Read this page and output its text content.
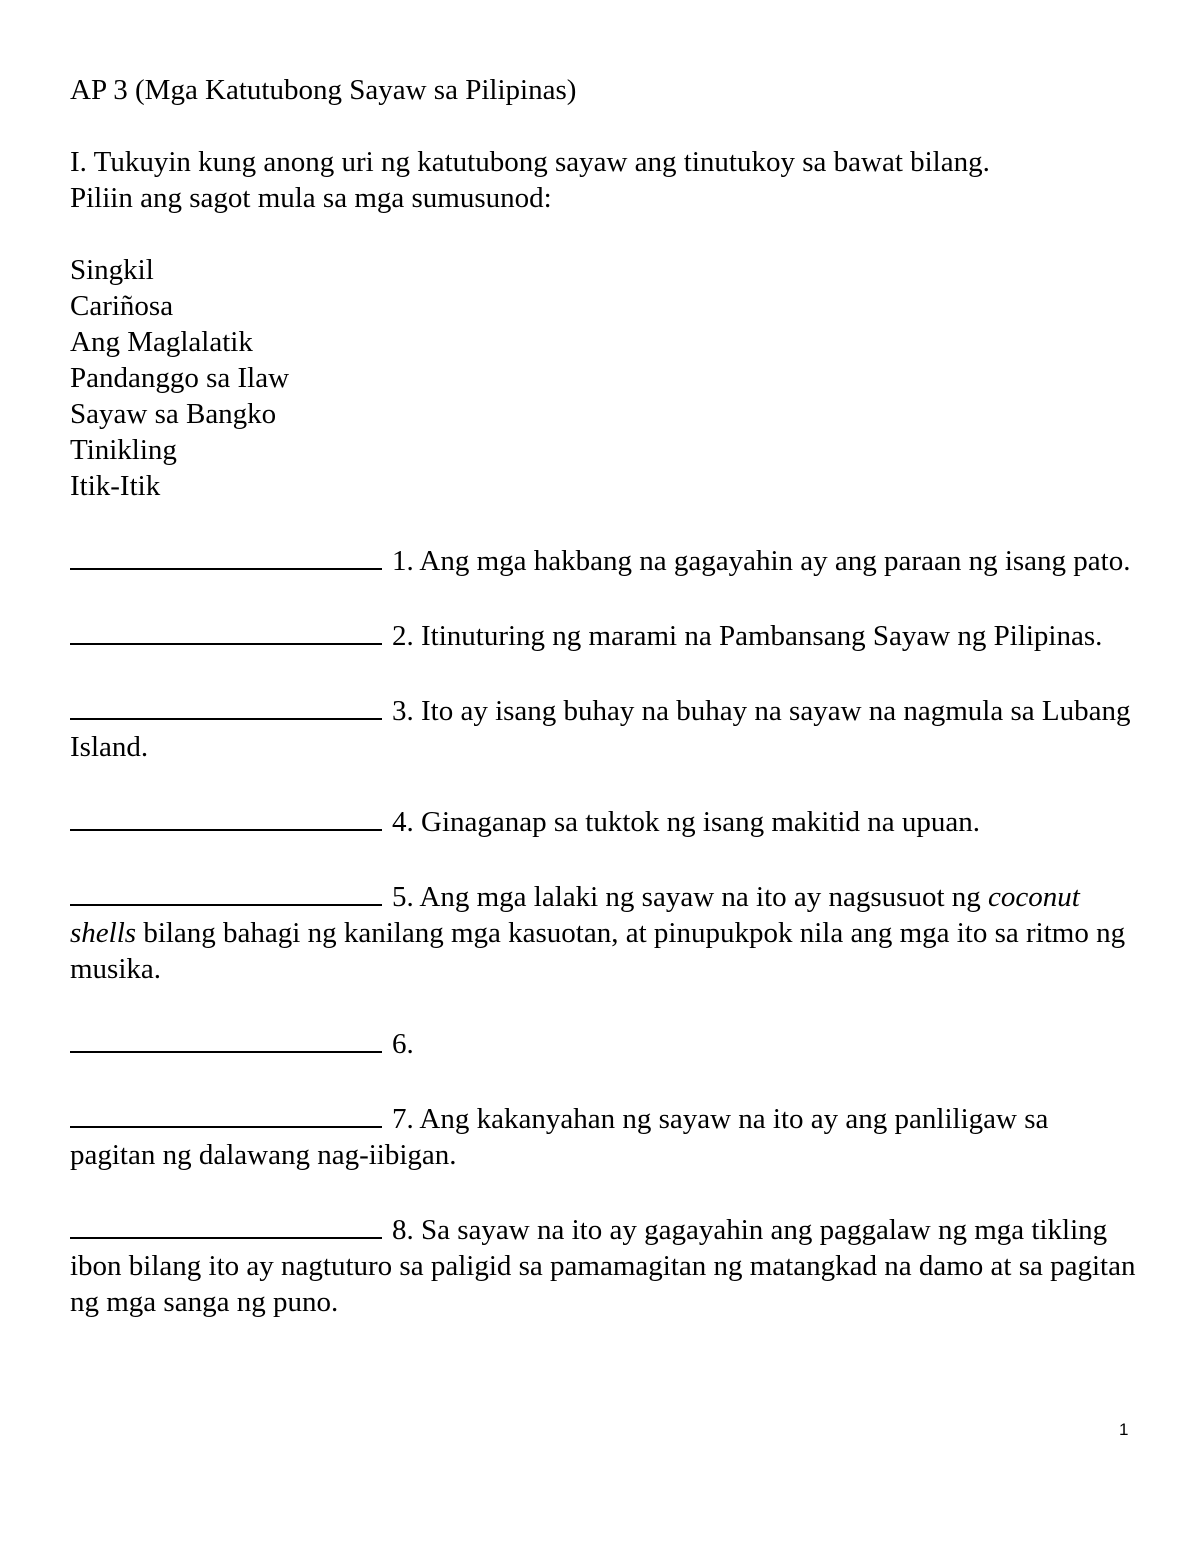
AP 3 (Mga Katutubong Sayaw sa Pilipinas)
I. Tukuyin kung anong uri ng katutubong sayaw ang tinutukoy sa bawat bilang.
Piliin ang sagot mula sa mga sumusunod:
Singkil
Cariñosa
Ang Maglalatik
Pandanggo sa Ilaw
Sayaw sa Bangko
Tinikling
Itik-Itik
1. Ang mga hakbang na gagayahin ay ang paraan ng isang pato.
2. Itinuturing ng marami na Pambansang Sayaw ng Pilipinas.
3. Ito ay isang buhay na buhay na sayaw na nagmula sa Lubang Island.
4. Ginaganap sa tuktok ng isang makitid na upuan.
5. Ang mga lalaki ng sayaw na ito ay nagsusuot ng coconut shells bilang bahagi ng kanilang mga kasuotan, at pinupukpok nila ang mga ito sa ritmo ng musika.
6.
7. Ang kakanyahan ng sayaw na ito ay ang panliligaw sa pagitan ng dalawang nag-iibigan.
8. Sa sayaw na ito ay gagayahin ang paggalaw ng mga tikling ibon bilang ito ay nagtuturo sa paligid sa pamamagitan ng matangkad na damo at sa pagitan ng mga sanga ng puno.
1
